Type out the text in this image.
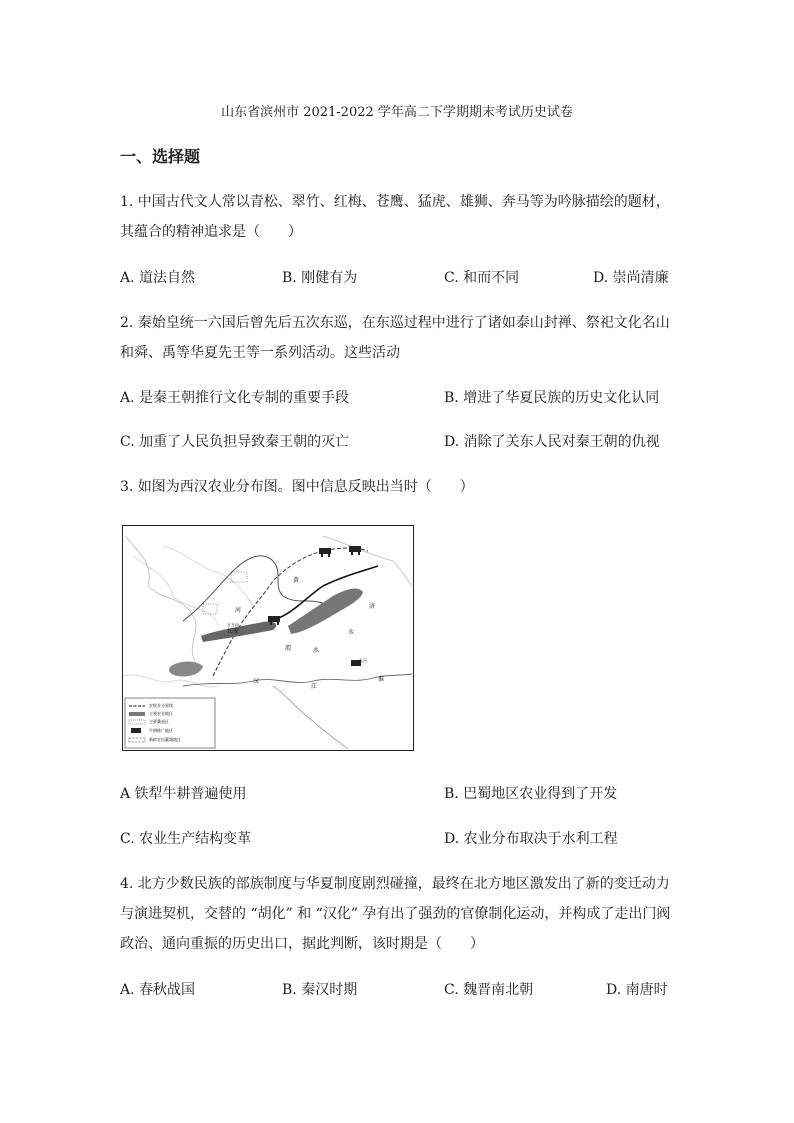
山东省滨州市 2021-2022 学年高二下学期期末考试历史试卷
一、选择题
1. 中国古代文人常以青松、翠竹、红梅、苍鹰、猛虎、雄狮、奔马等为吟脉描绘的题材，
其蕴合的精神追求是（　　）
A. 道法自然	B. 刚健有为	C. 和而不同	D. 崇尚清廉
2. 秦始皇统一六国后曾先后五次东巡，在东巡过程中进行了诸如泰山封禅、祭祀文化名山
和舜、禹等华夏先王等一系列活动。这些活动
A. 是秦王朝推行文化专制的重要手段	B. 增进了华夏民族的历史文化认同
C. 加重了人民负担导致秦王朝的灭亡	D. 消除了关东人民对秦王朝的仇视
3. 如图为西汉农业分布图。图中信息反映出当时（　　）
五万亩
长安
九河
渭	水
汉
江
淮
黄
河
济
水
农牧业分界线
主要农业地区
主要桑蚕区
牛耕推广地区
新辟农田灌溉地区
A 铁犁牛耕普遍使用	B. 巴蜀地区农业得到了开发
C. 农业生产结构变革	D. 农业分布取决于水利工程
4. 北方少数民族的部族制度与华夏制度剧烈碰撞，最终在北方地区激发出了新的变迁动力
与演进契机，交替的 “胡化” 和 “汉化” 孕有出了强劲的官僚制化运动，并构成了走出门阀
政治、通向重振的历史出口，据此判断，该时期是（　　）
A. 春秋战国	B. 秦汉时期	C. 魏晋南北朝	D. 南唐时
